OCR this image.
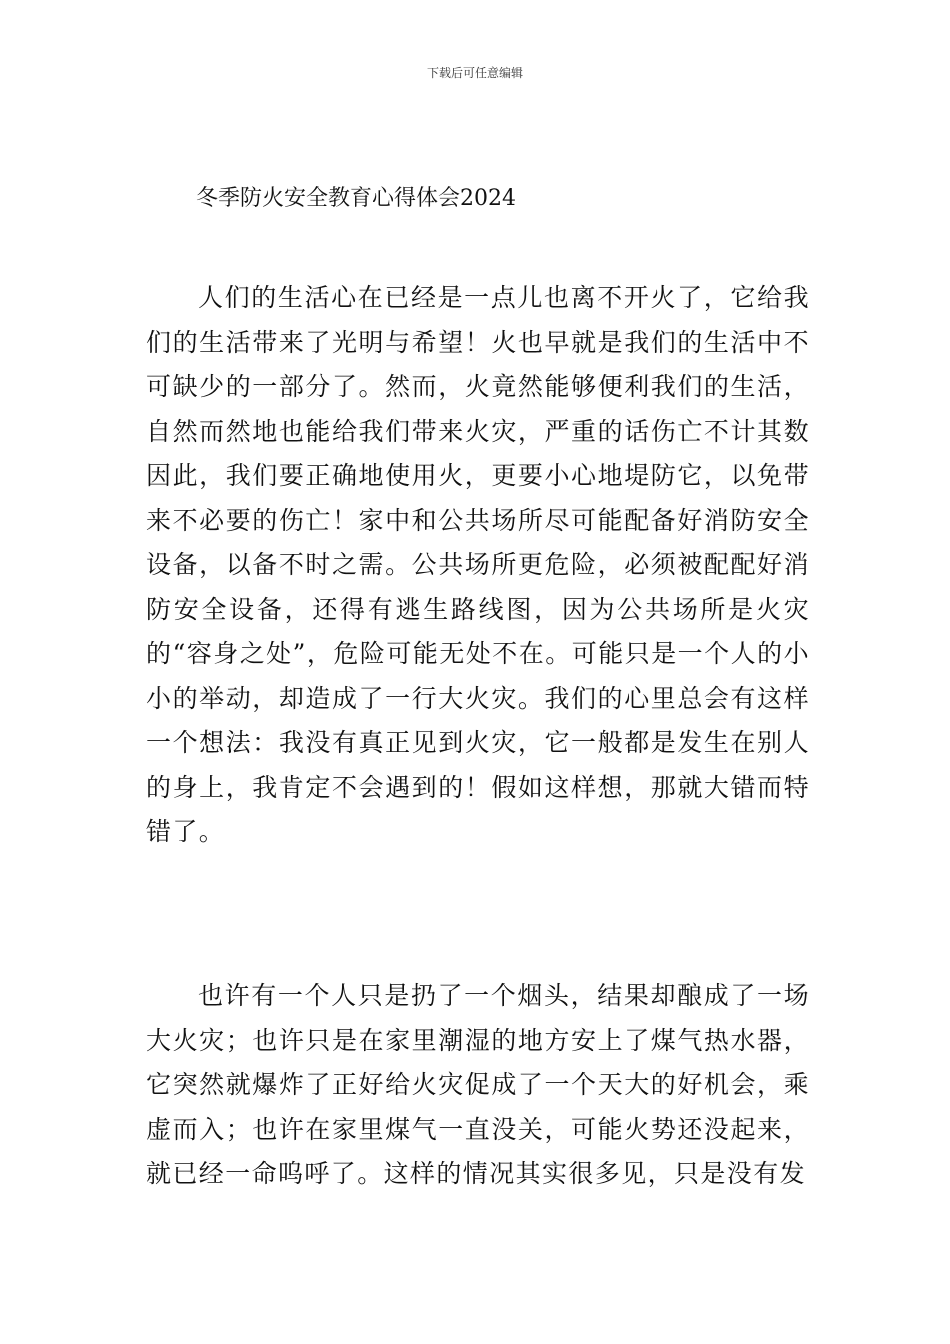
下载后可任意编辑
冬季防火安全教育心得体会2024

人们的生活心在已经是一点儿也离不开火了，它给我们的生活带来了光明与希望！火也早就是我们的生活中不可缺少的一部分了。然而，火竟然能够便利我们的生活，自然而然地也能给我们带来火灾，严重的话伤亡不计其数因此，我们要正确地使用火，更要小心地堤防它，以免带来不必要的伤亡！家中和公共场所尽可能配备好消防安全设备，以备不时之需。公共场所更危险，必须被配配好消防安全设备，还得有逃生路线图，因为公共场所是火灾的“容身之处”，危险可能无处不在。可能只是一个人的小小的举动，却造成了一行大火灾。我们的心里总会有这样一个想法：我没有真正见到火灾，它一般都是发生在别人的身上，我肯定不会遇到的！假如这样想，那就大错而特错了。

也许有一个人只是扔了一个烟头，结果却酿成了一场大火灾；也许只是在家里潮湿的地方安上了煤气热水器，它突然就爆炸了正好给火灾促成了一个天大的好机会，乘虚而入；也许在家里煤气一直没关，可能火势还没起来，就已经一命呜呼了。这样的情况其实很多见，只是没有发
